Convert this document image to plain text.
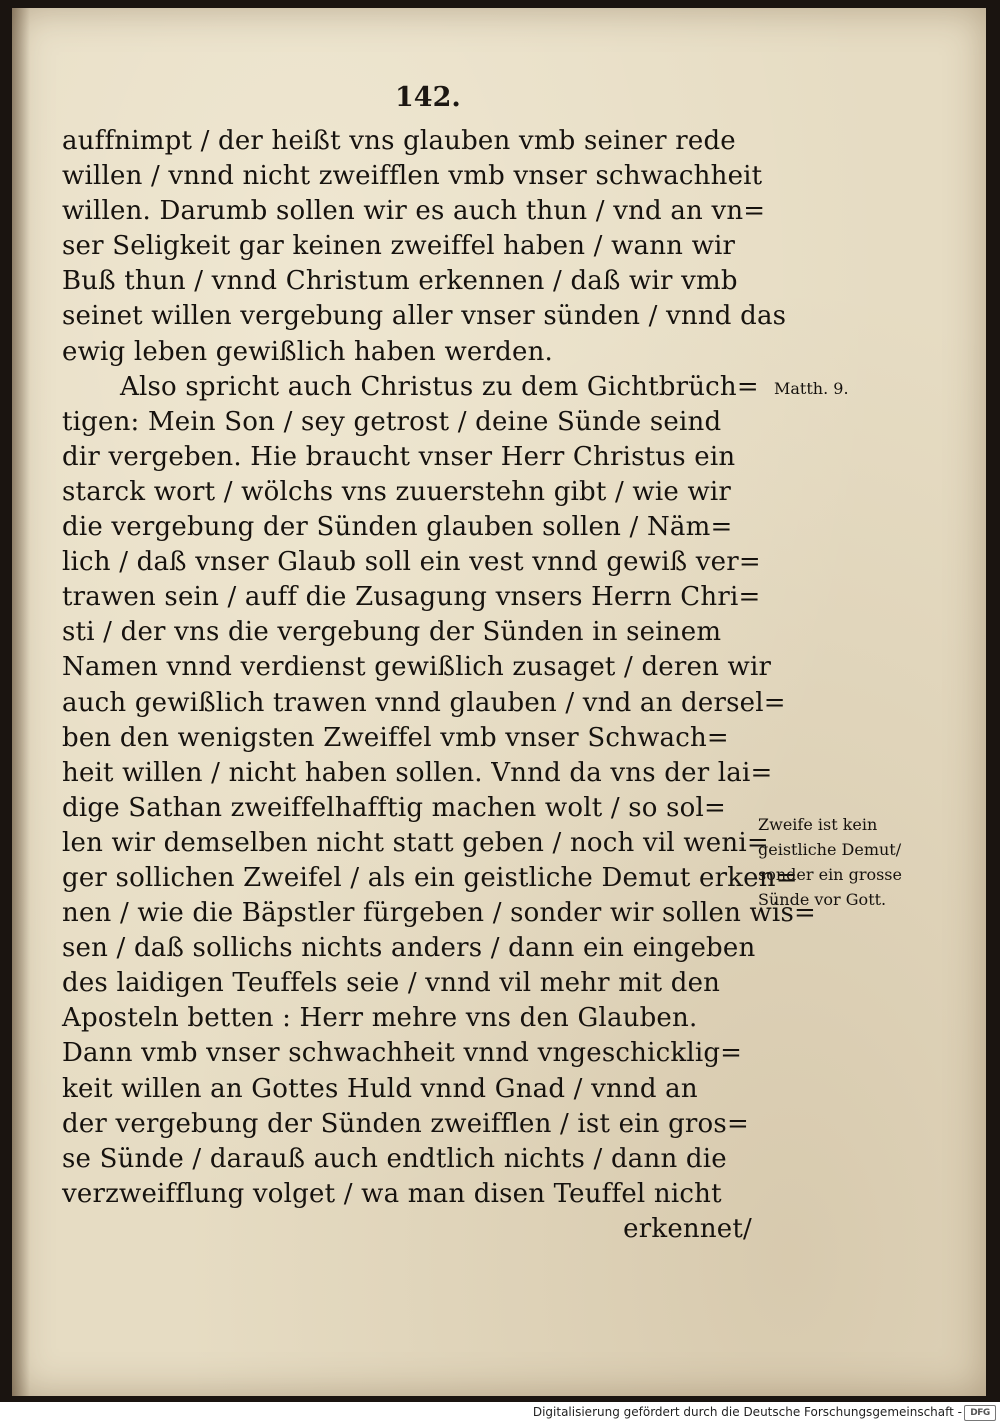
142.
auffnimpt / der heißt vns glauben vmb seiner rede
willen / vnnd nicht zweifflen vmb vnser schwachheit
willen. Darumb sollen wir es auch thun / vnd an vn=
ser Seligkeit gar keinen zweiffel haben / wann wir
Buß thun / vnnd Christum erkennen / daß wir vmb
seinet willen vergebung aller vnser sünden / vnnd das
ewig leben gewißlich haben werden.
Also spricht auch Christus zu dem Gichtbrüch=
tigen: Mein Son / sey getrost / deine Sünde seind
dir vergeben. Hie braucht vnser Herr Christus ein
starck wort / wölchs vns zuuerstehn gibt / wie wir
die vergebung der Sünden glauben sollen / Näm=
lich / daß vnser Glaub soll ein vest vnnd gewiß ver=
trawen sein / auff die Zusagung vnsers Herrn Chri=
sti / der vns die vergebung der Sünden in seinem
Namen vnnd verdienst gewißlich zusaget / deren wir
auch gewißlich trawen vnnd glauben / vnd an dersel=
ben den wenigsten Zweiffel vmb vnser Schwach=
heit willen / nicht haben sollen. Vnnd da vns der lai=
dige Sathan zweiffelhafftig machen wolt / so sol=
len wir demselben nicht statt geben / noch vil weni=
ger sollichen Zweifel / als ein geistliche Demut erken=
nen / wie die Bäpstler fürgeben / sonder wir sollen wis=
sen / daß sollichs nichts anders / dann ein eingeben
des laidigen Teuffels seie / vnnd vil mehr mit den
Aposteln betten : Herr mehre vns den Glauben.
Dann vmb vnser schwachheit vnnd vngeschicklig=
keit willen an Gottes Huld vnnd Gnad / vnnd an
der vergebung der Sünden zweifflen / ist ein gros=
se Sünde / darauß auch endtlich nichts / dann die
verzweifflung volget / wa man disen Teuffel nicht
erkennet/
Matth. 9.
Zweife ist kein
geistliche Demut/
sonder ein grosse
Sünde vor Gott.
Digitalisierung gefördert durch die Deutsche Forschungsgemeinschaft - DFG
